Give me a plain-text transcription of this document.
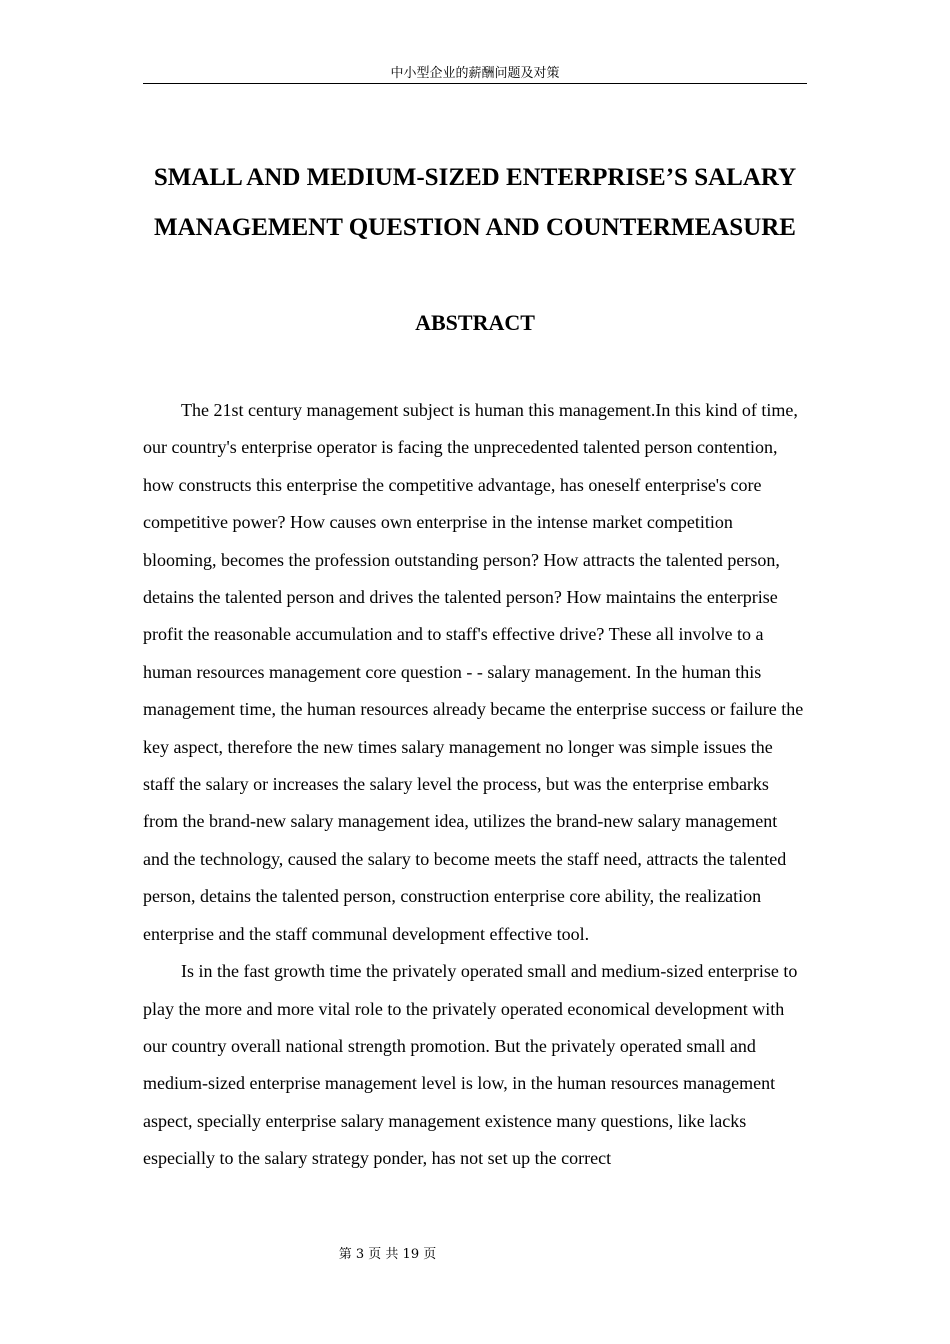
中小型企业的薪酬问题及对策
SMALL AND MEDIUM-SIZED ENTERPRISE’S SALARY
MANAGEMENT QUESTION AND COUNTERMEASURE
ABSTRACT

The 21st century management subject is human this management.In this kind of time, our country's enterprise operator is facing the unprecedented talented person contention, how constructs this enterprise the competitive advantage, has oneself enterprise's core competitive power? How causes own enterprise in the intense market competition blooming, becomes the profession outstanding person? How attracts the talented person, detains the talented person and drives the talented person? How maintains the enterprise profit the reasonable accumulation and to staff's effective drive? These all involve to a human resources management core question - - salary management. In the human this management time, the human resources already became the enterprise success or failure the key aspect, therefore the new times salary management no longer was simple issues the staff the salary or increases the salary level the process, but was the enterprise embarks from the brand-new salary management idea, utilizes the brand-new salary management and the technology, caused the salary to become meets the staff need, attracts the talented person, detains the talented person, construction enterprise core ability, the realization enterprise and the staff communal development effective tool.

Is in the fast growth time the privately operated small and medium-sized enterprise to play the more and more vital role to the privately operated economical development with our country overall national strength promotion. But the privately operated small and medium-sized enterprise management level is low, in the human resources management aspect, specially enterprise salary management existence many questions, like lacks especially to the salary strategy ponder, has not set up the correct

第 3 页 共 19 页
